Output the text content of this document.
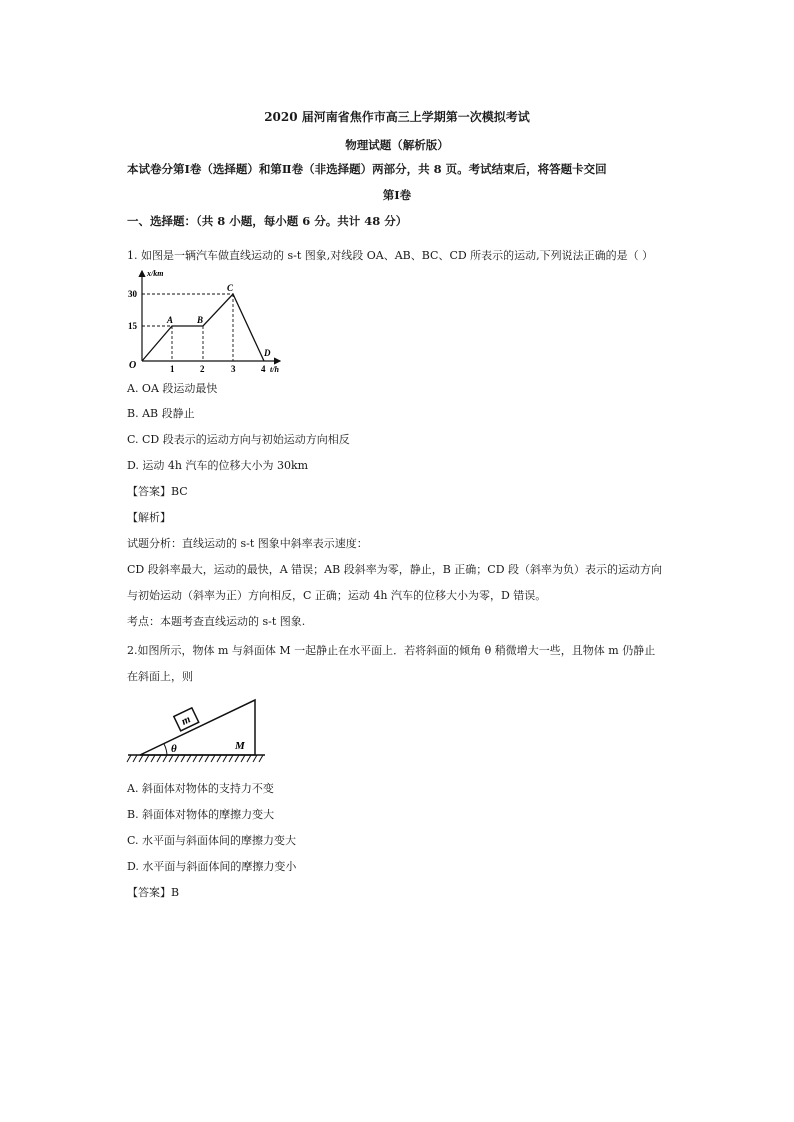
2020 届河南省焦作市高三上学期第一次模拟考试
物理试题（解析版）
本试卷分第Ⅰ卷（选择题）和第Ⅱ卷（非选择题）两部分，共 8 页。考试结束后，将答题卡交回
第Ⅰ卷
一、选择题：（共 8 小题，每小题 6 分。共计 48 分）
1. 如图是一辆汽车做直线运动的 s-t 图象,对线段 OA、AB、BC、CD 所表示的运动,下列说法正确的是（ ）
x/km
t/h
30
15
O	1	2	3	4
A	B
C
D
A. OA 段运动最快
B. AB 段静止
C. CD 段表示的运动方向与初始运动方向相反
D. 运动 4h 汽车的位移大小为 30km
【答案】BC
【解析】
试题分析：直线运动的 s-t 图象中斜率表示速度：
CD 段斜率最大，运动的最快，A 错误；AB 段斜率为零，静止，B 正确；CD 段（斜率为负）表示的运动方向
与初始运动（斜率为正）方向相反，C 正确；运动 4h 汽车的位移大小为零，D 错误。
考点：本题考查直线运动的 s-t 图象.
2.如图所示，物体 m 与斜面体 M 一起静止在水平面上．若将斜面的倾角 θ 稍微增大一些，且物体 m 仍静止
在斜面上，则
m
θ	M
A. 斜面体对物体的支持力不变
B. 斜面体对物体的摩擦力变大
C. 水平面与斜面体间的摩擦力变大
D. 水平面与斜面体间的摩擦力变小
【答案】B
